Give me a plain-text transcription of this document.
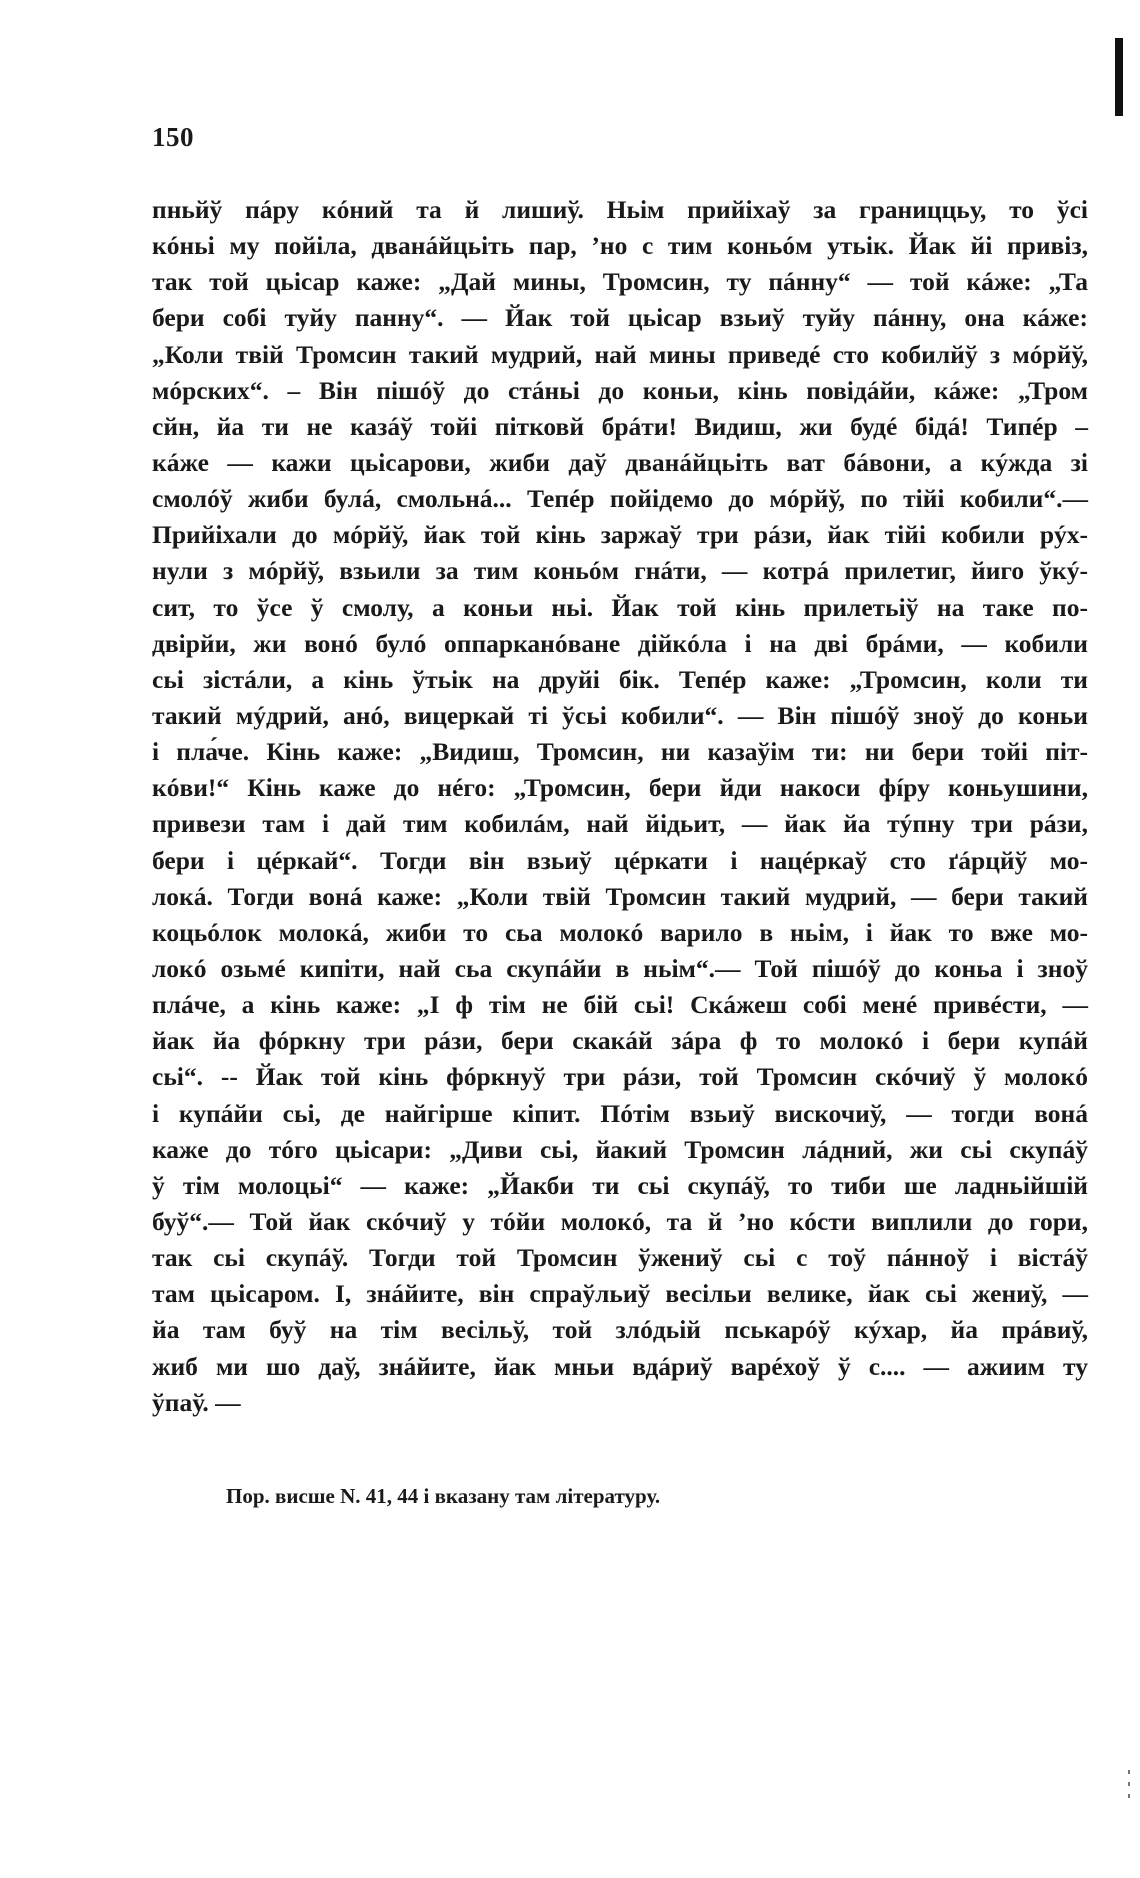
150
пньйў пáру кóний та й лишиў. Ньім прийіхаў за границцьу, то ўсі
кóньі му пойіла, дванáйцьіть пар, ’но с тим коньóм утьік. Йак йі привіз,
так той цьісар каже: „Дай мины, Тромсин, ту пáнну“ — той кáже: „Та
бери собі туйу панну“. — Йак той цьісар взьиў туйу пáнну, она кáже:
„Коли твій Тромсин такий мудрий, най мины приведé сто кобилйў з мóрйў,
мóрских“. – Він пішóў до стáньі до коньи, кінь повідáйи, кáже: „Тром
сйн, йа ти не казáў тойі пітковй брáти! Видиш, жи будé бідá! Типéр –
кáже — кажи цьісарови, жиби даў дванáйцьіть ват бáвони, а кýжда зі
смолóў жиби булá, смольнá... Тепéр пойідемо до мóрйў, по тійі кобили“.—
Прийіхали до мóрйў, йак той кінь заржаў три рáзи, йак тійі кобили рýх-
нули з мóрйў, взьили за тим коньóм гнáти, — котрá прилетиг, йиго ўкý-
сит, то ўсе ў смолу, а коньи ньі. Йак той кінь прилетьіў на таке по-
двірйи, жи вонó булó оппарканóване дійкóла і на дві брáми, — кобили
сьі зістáли, а кінь ўтьік на друйі бік. Тепéр каже: „Тромсин, коли ти
такий мýдрий, анó, вицеркай ті ўсьі кобили“. — Він пішóў зноў до коньи
і пла́че. Кінь каже: „Видиш, Тромсин, ни казаўім ти: ни бери тойі піт-
кóви!“ Кінь каже до нéго: „Тромсин, бери йди накоси фíру коньушини,
привези там і дай тим кобилáм, най йідьит, — йак йа тýпну три рáзи,
бери і цéркай“. Тогди він взьиў цéркати і нацéркаў сто ґáрцйў мо-
локá. Тогди вонá каже: „Коли твій Тромсин такий мудрий, — бери такий
коцьóлок молокá, жиби то сьа молокó варило в ньім, і йак то вже мо-
локó озьмé кипіти, най сьа скупáйи в ньім“.— Той пішóў до коньа і зноў
плáче, а кінь каже: „І ф тім не бій сьі! Скáжеш собі менé привéсти, —
йак йа фóркну три рáзи, бери скакáй зáра ф то молокó і бери купáй
сьі“. -- Йак той кінь фóркнуў три рáзи, той Тромсин скóчиў ў молокó
і купáйи сьі, де найгірше кіпит. Пóтім взьиў вискочиў, — тогди вонá
каже до тóго цьісари: „Диви сьі, йакий Тромсин лáдний, жи сьі скупáў
ў тім молоцьі“ — каже: „Йакби ти сьі скупáў, то тиби ше ладньійшій
буў“.— Той йак скóчиў у тóйи молокó, та й ’но кóсти виплили до гори,
так сьі скупáў. Тогди той Тромсин ўжениў сьі с тоў пáнноў і вістáў
там цьісаром. І, знáйите, він спраўльиў весільи велике, йак сьі жениў, —
йа там буў на тім весільў, той злóдьій пськарóў кýхар, йа прáвиў,
жиб ми шо даў, знáйите, йак мньи вдáриў варéхоў ў с.... — ажиим ту
ўпаў. —
Пор. висше N. 41, 44 і вказану там літературу.
